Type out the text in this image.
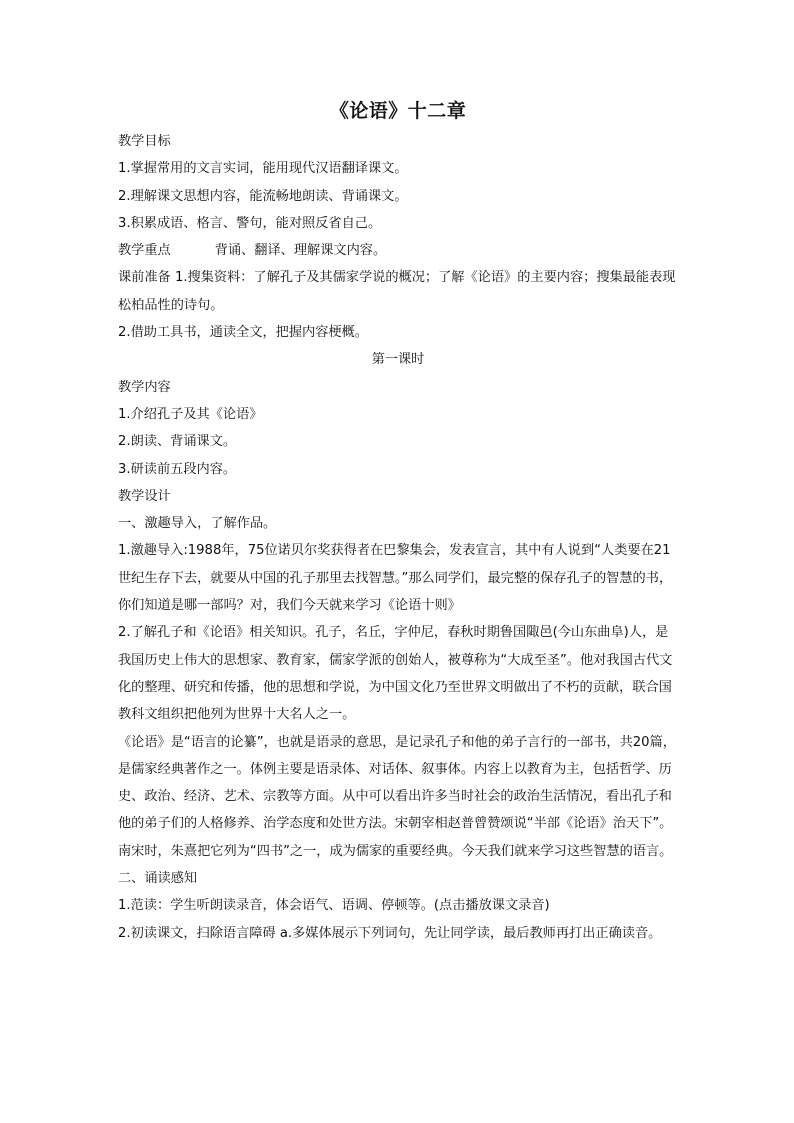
《论语》十二章

教学目标

1.掌握常用的文言实词，能用现代汉语翻译课文。

2.理解课文思想内容，能流畅地朗读、背诵课文。

3.积累成语、格言、警句，能对照反省自己。

教学重点	背诵、翻译、理解课文内容。

课前准备 1.搜集资料：了解孔子及其儒家学说的概况；了解《论语》的主要内容；搜集最能表现松柏品性的诗句。

2.借助工具书，通读全文，把握内容梗概。

第一课时

教学内容

1.介绍孔子及其《论语》

2.朗读、背诵课文。

3.研读前五段内容。

教学设计

一、激趣导入，了解作品。

1.激趣导入:1988年，75位诺贝尔奖获得者在巴黎集会，发表宣言，其中有人说到“人类要在21世纪生存下去，就要从中国的孔子那里去找智慧。”那么同学们，最完整的保存孔子的智慧的书，你们知道是哪一部吗？对，我们今天就来学习《论语十则》

2.了解孔子和《论语》相关知识。孔子，名丘，字仲尼，春秋时期鲁国陬邑(今山东曲阜)人，是我国历史上伟大的思想家、教育家，儒家学派的创始人，被尊称为“大成至圣”。他对我国古代文化的整理、研究和传播，他的思想和学说，为中国文化乃至世界文明做出了不朽的贡献，联合国教科文组织把他列为世界十大名人之一。

《论语》是“语言的论纂”，也就是语录的意思，是记录孔子和他的弟子言行的一部书，共20篇，是儒家经典著作之一。体例主要是语录体、对话体、叙事体。内容上以教育为主，包括哲学、历史、政治、经济、艺术、宗教等方面。从中可以看出许多当时社会的政治生活情况，看出孔子和他的弟子们的人格修养、治学态度和处世方法。宋朝宰相赵普曾赞颂说“半部《论语》治天下”。南宋时，朱熹把它列为“四书”之一，成为儒家的重要经典。今天我们就来学习这些智慧的语言。

二、诵读感知

1.范读：学生听朗读录音，体会语气、语调、停顿等。(点击播放课文录音)

2.初读课文，扫除语言障碍 a.多媒体展示下列词句，先让同学读，最后教师再打出正确读音。
